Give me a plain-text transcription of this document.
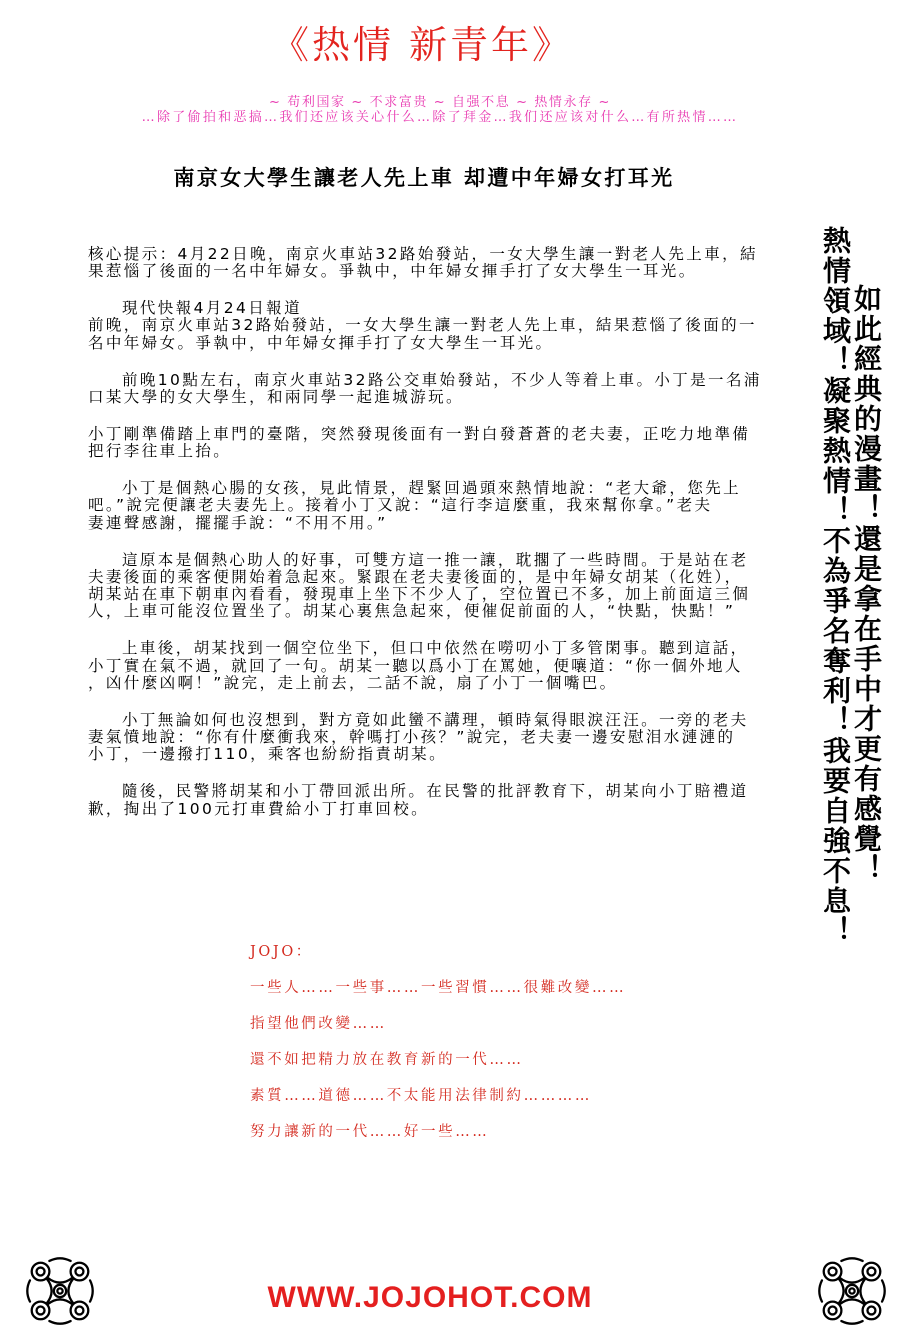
《热情 新青年》
~ 苟利国家 ~ 不求富贵 ~ 自强不息 ~ 热情永存 ~
…除了偷拍和恶搞…我们还应该关心什么…除了拜金…我们还应该对什么…有所热情……
南京女大學生讓老人先上車 却遭中年婦女打耳光
核心提示：4月22日晚，南京火車站32路始發站，一女大學生讓一對老人先上車，結
果惹惱了後面的一名中年婦女。爭執中，中年婦女揮手打了女大學生一耳光。
現代快報4月24日報道
前晚，南京火車站32路始發站，一女大學生讓一對老人先上車，結果惹惱了後面的一
名中年婦女。爭執中，中年婦女揮手打了女大學生一耳光。
前晚10點左右，南京火車站32路公交車始發站，不少人等着上車。小丁是一名浦
口某大學的女大學生，和兩同學一起進城游玩。
小丁剛準備踏上車門的臺階，突然發現後面有一對白發蒼蒼的老夫妻，正吃力地準備
把行李往車上抬。
小丁是個熱心腸的女孩，見此情景，趕緊回過頭來熱情地說：“老大爺，您先上
吧。”說完便讓老夫妻先上。接着小丁又說：“這行李這麼重，我來幫你拿。”老夫
妻連聲感謝，擺擺手說：“不用不用。”
這原本是個熱心助人的好事，可雙方這一推一讓，耽擱了一些時間。于是站在老
夫妻後面的乘客便開始着急起來。緊跟在老夫妻後面的，是中年婦女胡某（化姓），
胡某站在車下朝車內看看，發現車上坐下不少人了，空位置已不多，加上前面這三個
人，上車可能沒位置坐了。胡某心裏焦急起來，便催促前面的人，“快點，快點！”
上車後，胡某找到一個空位坐下，但口中依然在嘮叨小丁多管閑事。聽到這話，
小丁實在氣不過，就回了一句。胡某一聽以爲小丁在罵她，便嚷道：“你一個外地人
，凶什麼凶啊！”說完，走上前去，二話不說，扇了小丁一個嘴巴。
小丁無論如何也沒想到，對方竟如此蠻不講理，頓時氣得眼淚汪汪。一旁的老夫
妻氣憤地說：“你有什麼衝我來，幹嗎打小孩？”說完，老夫妻一邊安慰泪水漣漣的
小丁，一邊撥打110，乘客也紛紛指責胡某。
隨後，民警將胡某和小丁帶回派出所。在民警的批評教育下，胡某向小丁賠禮道
歉，掏出了100元打車費給小丁打車回校。	如此經典的漫畫！還是拿在手中才更有感覺！
熱情領域！凝聚熱情！不為爭名奪利！我要自強不息！
JOJO：
一些人……一些事……一些習慣……很難改變……
指望他們改變……
還不如把精力放在教育新的一代……
素質……道德……不太能用法律制約…………
努力讓新的一代……好一些……
WWW.JOJOHOT.COM
